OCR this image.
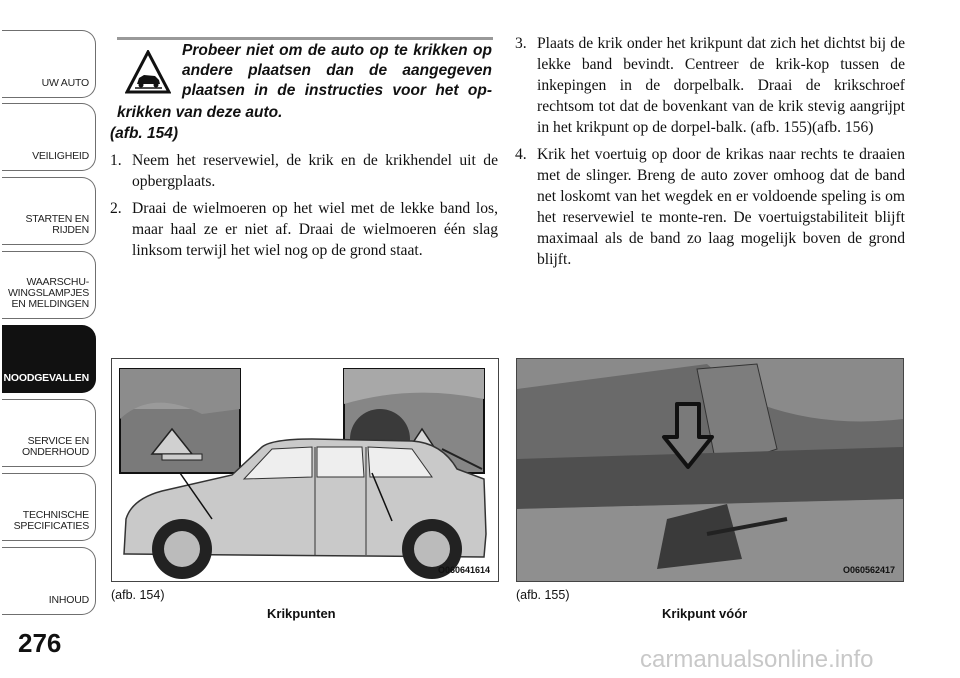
UW AUTO
VEILIGHEID
STARTEN EN
RIJDEN
WAARSCHU-
WINGSLAMPJES
EN MELDINGEN
NOODGEVALLEN
SERVICE EN
ONDERHOUD
TECHNISCHE
SPECIFICATIES
INHOUD
276
Probeer niet om de auto op te krikken op
andere plaatsen dan de aangegeven
plaatsen in de instructies voor het op-
krikken van deze auto.
(afb. 154)
1. Neem het reservewiel, de krik en de krikhendel uit de opbergplaats.
2. Draai de wielmoeren op het wiel met de lekke band los, maar haal ze er niet af. Draai de wielmoeren één slag linksom terwijl het wiel nog op de grond staat.
3. Plaats de krik onder het krikpunt dat zich het dichtst bij de lekke band bevindt. Centreer de krik-kop tussen de inkepingen in de dorpelbalk. Draai de krikschroef rechtsom tot dat de bovenkant van de krik stevig aangrijpt in het krikpunt op de dorpel-balk. (afb. 155)(afb. 156)
4. Krik het voertuig op door de krikas naar rechts te draaien met de slinger. Breng de auto zover omhoog dat de band net loskomt van het wegdek en er voldoende speling is om het reservewiel te monte-ren. De voertuigstabiliteit blijft maximaal als de band zo laag mogelijk boven de grond blijft.
O060641614
(afb. 154)
Krikpunten
O060562417
(afb. 155)
Krikpunt vóór
carmanualsonline.info
